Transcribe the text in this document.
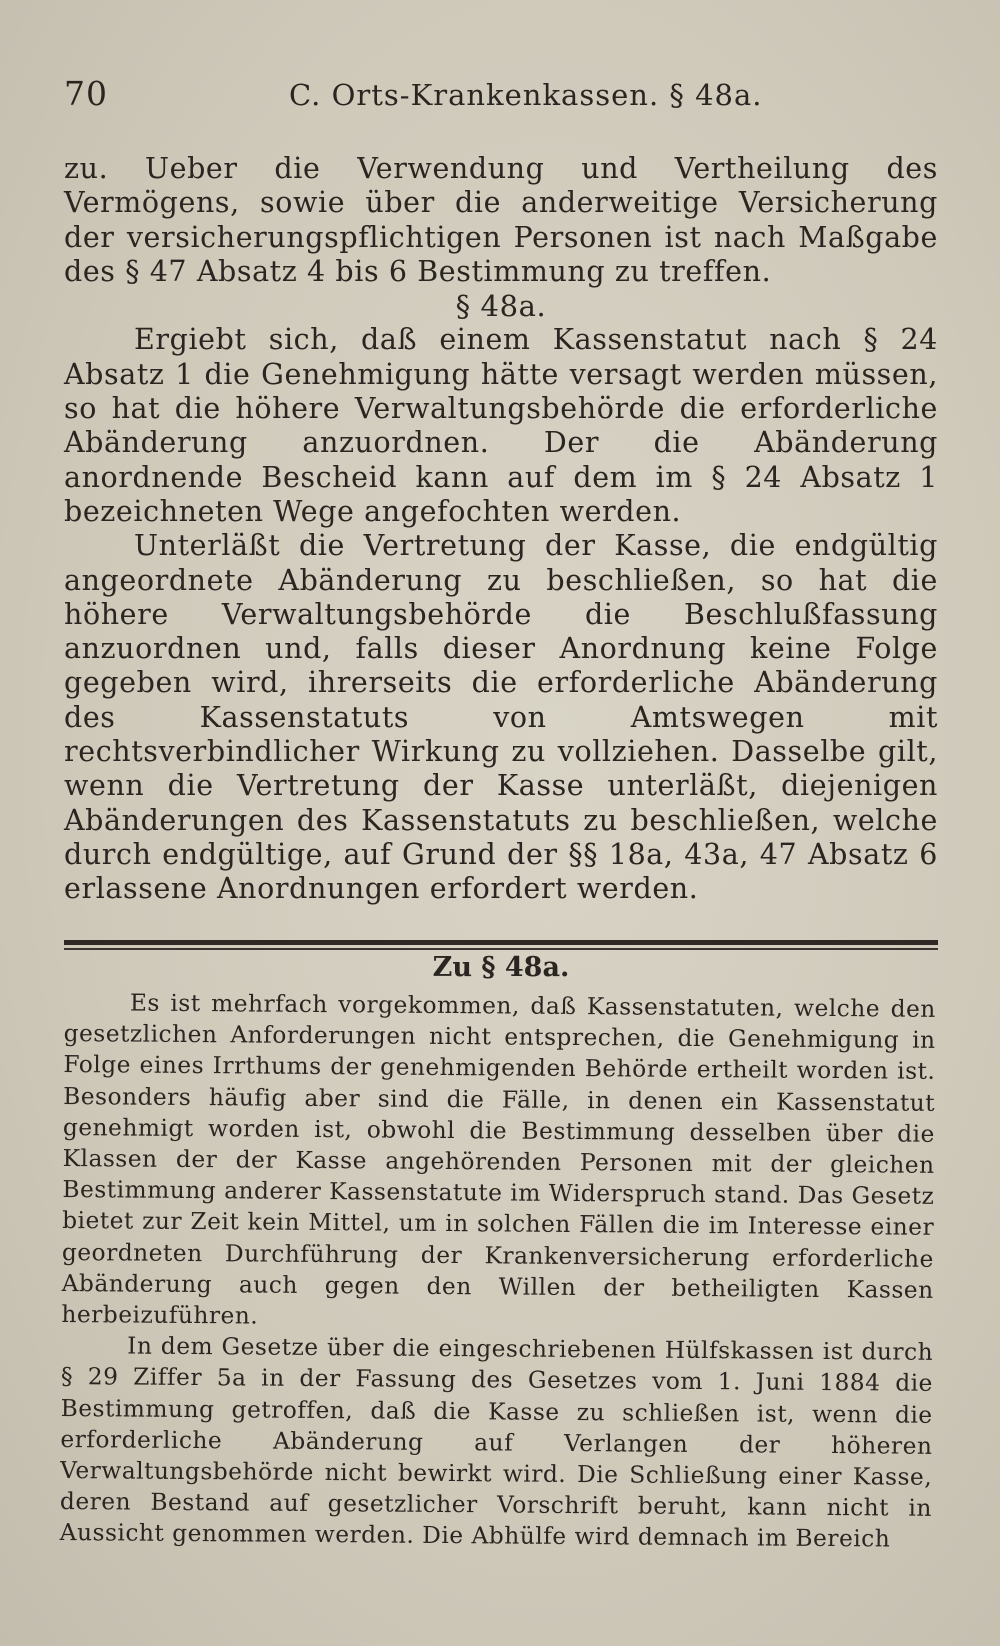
70	C. Orts-Krankenkassen. § 48a.

zu. Ueber die Verwendung und Vertheilung des Vermögens, sowie über die anderweitige Versicherung der versicherungspflichtigen Personen ist nach Maßgabe des § 47 Absatz 4 bis 6 Bestimmung zu treffen.

§ 48a.

Ergiebt sich, daß einem Kassenstatut nach § 24 Absatz 1 die Genehmigung hätte versagt werden müssen, so hat die höhere Verwaltungsbehörde die erforderliche Abänderung anzuordnen. Der die Abänderung anordnende Bescheid kann auf dem im § 24 Absatz 1 bezeichneten Wege angefochten werden.

Unterläßt die Vertretung der Kasse, die endgültig angeordnete Abänderung zu beschließen, so hat die höhere Verwaltungsbehörde die Beschlußfassung anzuordnen und, falls dieser Anordnung keine Folge gegeben wird, ihrerseits die erforderliche Abänderung des Kassenstatuts von Amtswegen mit rechtsverbindlicher Wirkung zu vollziehen. Dasselbe gilt, wenn die Vertretung der Kasse unterläßt, diejenigen Abänderungen des Kassenstatuts zu beschließen, welche durch endgültige, auf Grund der §§ 18a, 43a, 47 Absatz 6 erlassene Anordnungen erfordert werden.

Zu § 48a.

Es ist mehrfach vorgekommen, daß Kassenstatuten, welche den gesetzlichen Anforderungen nicht entsprechen, die Genehmigung in Folge eines Irrthums der genehmigenden Behörde ertheilt worden ist. Besonders häufig aber sind die Fälle, in denen ein Kassenstatut genehmigt worden ist, obwohl die Bestimmung desselben über die Klassen der der Kasse angehörenden Personen mit der gleichen Bestimmung anderer Kassenstatute im Widerspruch stand. Das Gesetz bietet zur Zeit kein Mittel, um in solchen Fällen die im Interesse einer geordneten Durchführung der Krankenversicherung erforderliche Abänderung auch gegen den Willen der betheiligten Kassen herbeizuführen.

In dem Gesetze über die eingeschriebenen Hülfskassen ist durch § 29 Ziffer 5a in der Fassung des Gesetzes vom 1. Juni 1884 die Bestimmung getroffen, daß die Kasse zu schließen ist, wenn die erforderliche Abänderung auf Verlangen der höheren Verwaltungsbehörde nicht bewirkt wird. Die Schließung einer Kasse, deren Bestand auf gesetzlicher Vorschrift beruht, kann nicht in Aussicht genommen werden. Die Abhülfe wird demnach im Bereich
